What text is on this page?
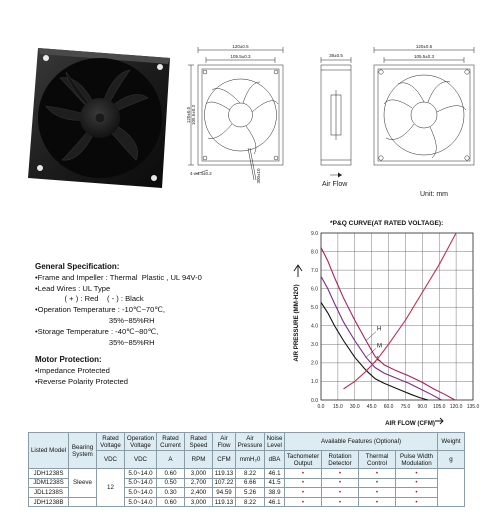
120±0.5
105.5±0.3
120±0.5 105.5±0.3
4-ø4.4±0.2	300±10
38±0.5
120±0.5
105.5±0.3
Air Flow
Unit: mm
General Specification:
•Frame and Impeller : Thermal  Plastic , UL 94V-0
•Lead Wires : UL Type
( + ) : Red    ( - ) : Black
•Operation Temperature : -10℃~70℃,
35%~85%RH
•Storage Temperature : -40℃~80℃,
35%~85%RH
Motor Protection:
•Impedance Protected
•Reverse Polarity Protected
*P&Q CURVE(AT RATED VOLTAGE):
0.0 15.0 30.0 45.0 60.0 75.0 90.0 105.0 120.0 135.0
0.0
1.0
2.0
3.0
4.0
5.0
6.0
7.0
8.0
9.0
H
M
L
AIR PRESSURE (MM-H2O)
AIR FLOW (CFM)
Listed Model	Bearing System	Rated Voltage	Operation Voltage	Rated Current	Rated Speed	Air Flow	Air Pressure	Noise Level	Available Features (Optional)				Weight
		VDC	VDC	A	RPM	CFM	mmH₂0	dBA	Tachometer Output	Rotation Detector	Thermal Control	Pulse Width Modulation	g
JDH1238S	Sleeve	12	5.0~14.0	0.60	3,000	119.13	8.22	46.1	•	•	•	•	
JDM1238S			5.0~14.0	0.50	2,700	107.22	6.66	41.5	•	•	•	•	
JDL1238S			5.0~14.0	0.30	2,400	94.59	5.26	38.9	•	•	•	•	
JDH1238B			5.0~14.0	0.60	3,000	119.13	8.22	46.1	•	•	•	•	
